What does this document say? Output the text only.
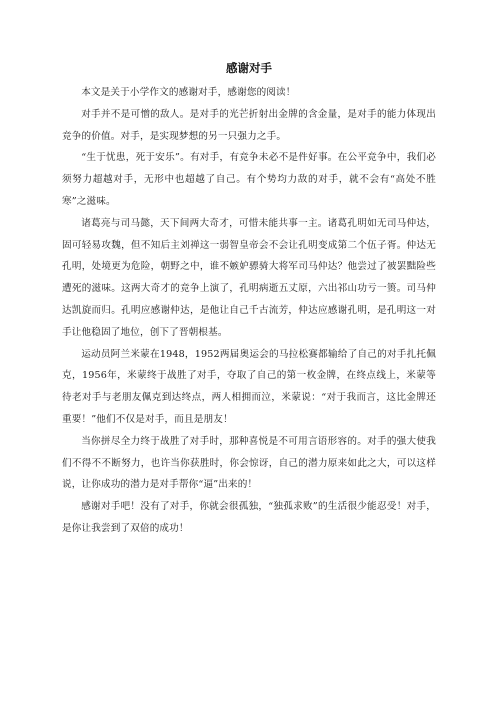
感谢对手

本文是关于小学作文的感谢对手，感谢您的阅读！

对手并不是可憎的敌人。是对手的光芒折射出金牌的含金量，是对手的能力体现出竞争的价值。对手，是实现梦想的另一只强力之手。

“生于忧患，死于安乐”。有对手，有竞争未必不是件好事。在公平竞争中，我们必须努力超越对手，无形中也超越了自己。有个势均力敌的对手，就不会有“高处不胜寒”之滋味。

诸葛亮与司马懿，天下间两大奇才，可惜未能共事一主。诸葛孔明如无司马仲达，固可轻易攻魏，但不知后主刘禅这一弱智皇帝会不会让孔明变成第二个伍子胥。仲达无孔明，处境更为危险，朝野之中，谁不嫉妒骠骑大将军司马仲达？他尝过了被罢黜险些遭死的滋味。这两大奇才的竞争上演了，孔明病逝五丈原，六出祁山功亏一篑。司马仲达凯旋而归。孔明应感谢仲达，是他让自己千古流芳，仲达应感谢孔明，是孔明这一对手让他稳固了地位，创下了晋朝根基。

运动员阿兰米蒙在1948，1952两届奥运会的马拉松赛都输给了自己的对手扎托佩克，1956年，米蒙终于战胜了对手，夺取了自己的第一枚金牌，在终点线上，米蒙等待老对手与老朋友佩克到达终点，两人相拥而泣，米蒙说：“对于我而言，这比金牌还重要！”他们不仅是对手，而且是朋友！

当你拼尽全力终于战胜了对手时，那种喜悦是不可用言语形容的。对手的强大使我们不得不不断努力，也许当你获胜时，你会惊讶，自己的潜力原来如此之大，可以这样说，让你成功的潜力是对手帮你“逼”出来的！

感谢对手吧！没有了对手，你就会很孤独，“独孤求败”的生活很少能忍受！对手，是你让我尝到了双倍的成功！
